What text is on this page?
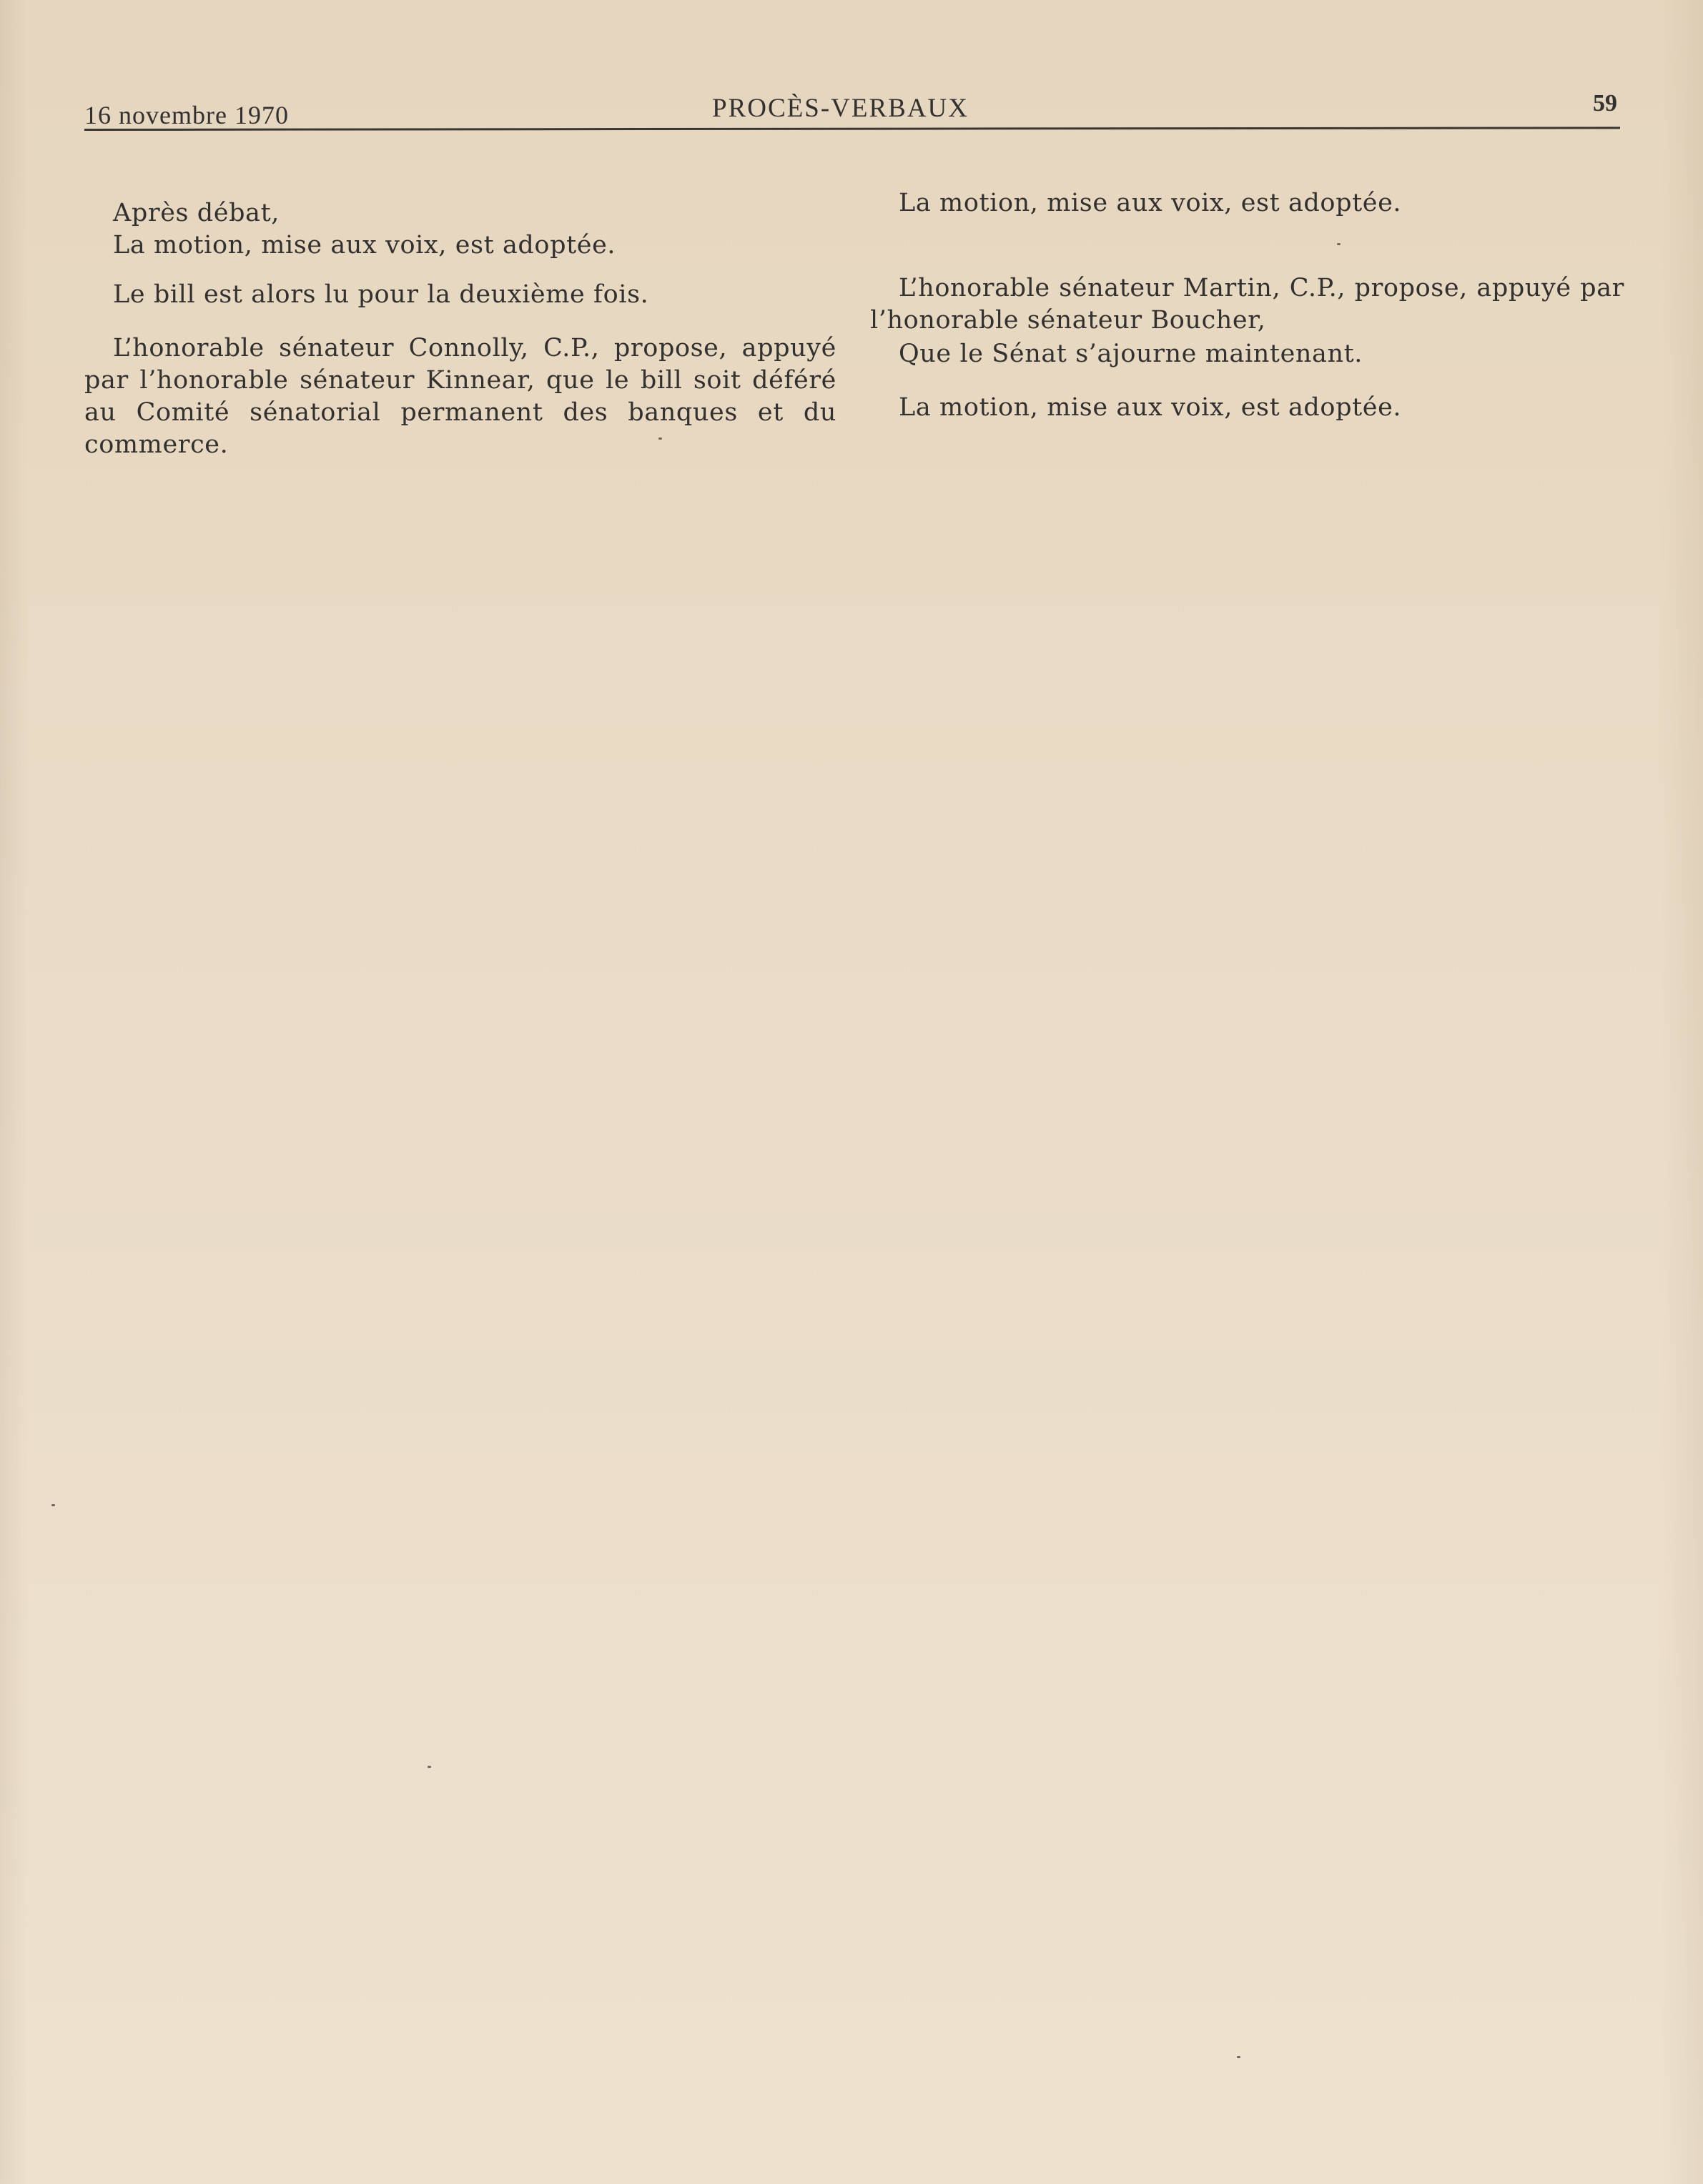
16 novembre 1970	PROCÈS-VERBAUX	59
Après débat,
La motion, mise aux voix, est adoptée.
Le bill est alors lu pour la deuxième fois.

L’honorable sénateur Connolly, C.P., propose, appuyé par l’honorable sénateur Kinnear, que le bill soit déféré au Comité sénatorial permanent des banques et du commerce.

La motion, mise aux voix, est adoptée.

L’honorable sénateur Martin, C.P., propose, appuyé par l’honorable sénateur Boucher,

Que le Sénat s’ajourne maintenant.
La motion, mise aux voix, est adoptée.
